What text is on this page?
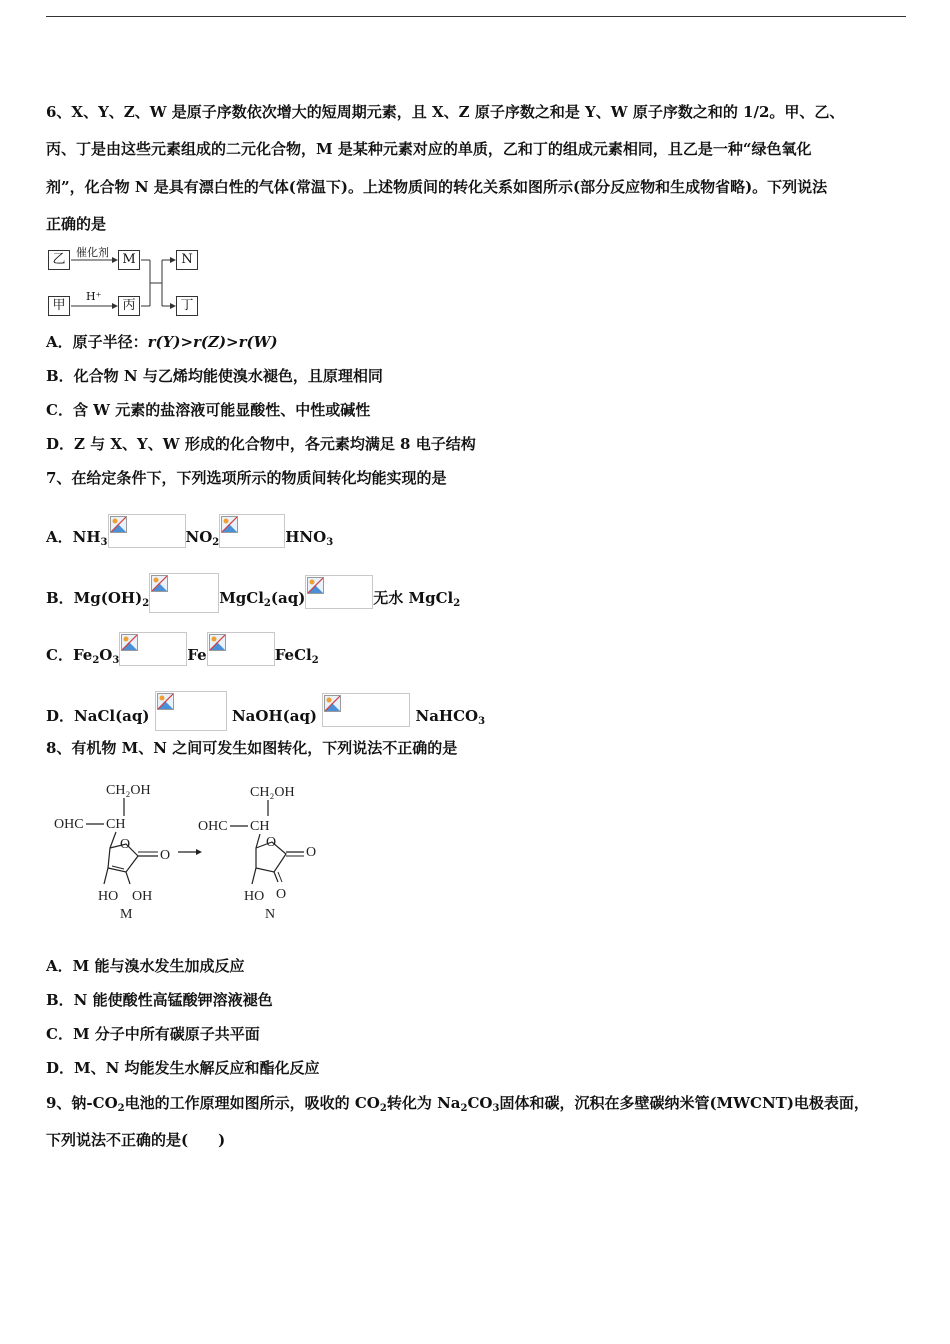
6、X、Y、Z、W 是原子序数依次增大的短周期元素，且 X、Z 原子序数之和是 Y、W 原子序数之和的 1/2。甲、乙、
丙、丁是由这些元素组成的二元化合物，M 是某种元素对应的单质，乙和丁的组成元素相同，且乙是一种“绿色氧化
剂”，化合物 N 是具有漂白性的气体(常温下)。上述物质间的转化关系如图所示(部分反应物和生成物省略)。下列说法
正确的是
乙 催化剂	M	N
甲
H⁺
丙	丁
A．原子半径：r(Y)>r(Z)>r(W)
B．化合物 N 与乙烯均能使溴水褪色，且原理相同
C．含 W 元素的盐溶液可能显酸性、中性或碱性
D．Z 与 X、Y、W 形成的化合物中，各元素均满足 8 电子结构
7、在给定条件下，下列选项所示的物质间转化均能实现的是
A．$NH_3$	$NO_2$	$HNO_3$
B．$Mg(OH)_2$	MgCl$_2$(aq)	无水 MgCl$_2$
C．$Fe_2O_3$	Fe	FeCl$_2$
D．NaCl(aq)	NaOH(aq)	NaHCO$_3$
8、有机物 M、N 之间可发生如图转化，下列说法不正确的是
CH₂OH
OHC CH
O
O
HO OH
M
CH₂OH
OHC CH
O
O
HO O
N
A．M 能与溴水发生加成反应
B．N 能使酸性高锰酸钾溶液褪色
C．M 分子中所有碳原子共平面
D．M、N 均能发生水解反应和酯化反应
9、钠$-CO_2$电池的工作原理如图所示，吸收的 $CO_2$转化为 $Na_2CO_3$固体和碳，沉积在多壁碳纳米管(MWCNT)电极表面，
下列说法不正确的是(　　)
